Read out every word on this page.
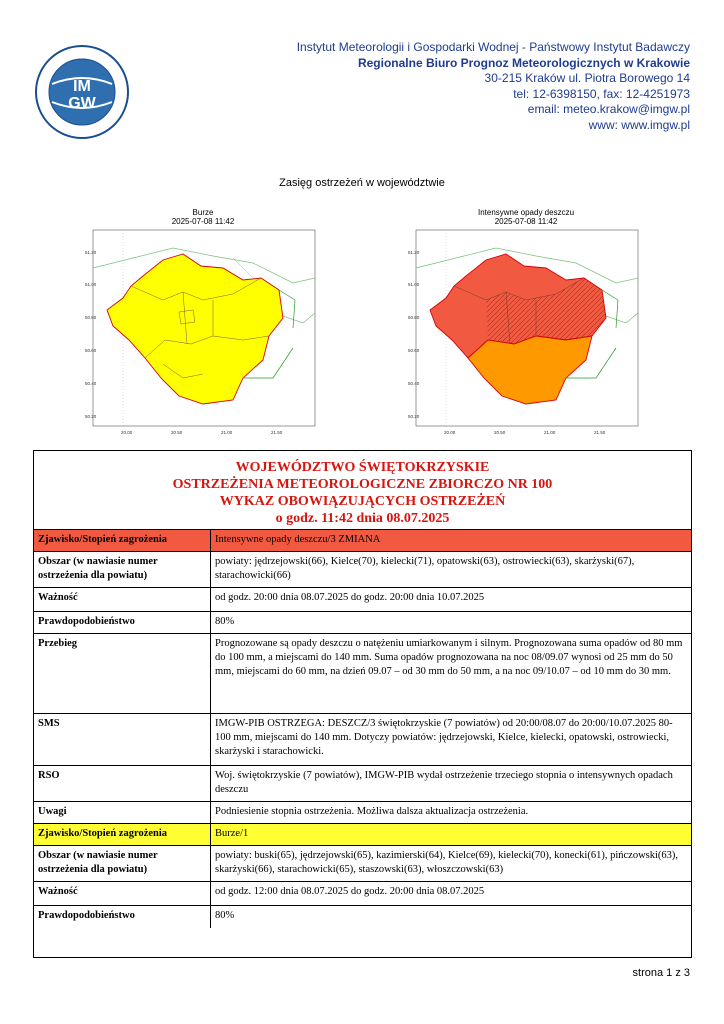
IM
GW
Instytut Meteorologii i Gospodarki Wodnej - Państwowy Instytut Badawczy
Regionalne Biuro Prognoz Meteorologicznych w Krakowie
30-215 Kraków ul. Piotra Borowego 14
tel: 12-6398150, fax: 12-4251973
email: meteo.krakow@imgw.pl
www: www.imgw.pl
Zasięg ostrzeżeń w województwie
Burze
2025-07-08 11:42
51.20
51.00
50.80
50.60
50.40
50.20
20.00	20.50	21.00	21.50
Intensywne opady deszczu
2025-07-08 11:42
51.20
51.00
50.80
50.60
50.40
50.20
20.00	20.50	21.00	21.50
WOJEWÓDZTWO ŚWIĘTOKRZYSKIE
OSTRZEŻENIA METEOROLOGICZNE ZBIORCZO NR 100
WYKAZ OBOWIĄZUJĄCYCH OSTRZEŻEŃ
o godz. 11:42 dnia 08.07.2025
Zjawisko/Stopień zagrożenia	Intensywne opady deszczu/3 ZMIANA
Obszar (w nawiasie numer ostrzeżenia dla powiatu)	powiaty: jędrzejowski(66), Kielce(70), kielecki(71), opatowski(63), ostrowiecki(63), skarżyski(67), starachowicki(66)
Ważność	od godz. 20:00 dnia 08.07.2025 do godz. 20:00 dnia 10.07.2025
Prawdopodobieństwo	80%
Przebieg	Prognozowane są opady deszczu o natężeniu umiarkowanym i silnym. Prognozowana suma opadów od 80 mm do 100 mm, a miejscami do 140 mm. Suma opadów prognozowana na noc 08/09.07 wynosi od 25 mm do 50 mm, miejscami do 60 mm, na dzień 09.07 – od 30 mm do 50 mm, a na noc 09/10.07 – od 10 mm do 30 mm.
SMS	IMGW-PIB OSTRZEGA: DESZCZ/3 świętokrzyskie (7 powiatów) od 20:00/08.07 do 20:00/10.07.2025 80-100 mm, miejscami do 140 mm. Dotyczy powiatów: jędrzejowski, Kielce, kielecki, opatowski, ostrowiecki, skarżyski i starachowicki.
RSO	Woj. świętokrzyskie (7 powiatów), IMGW-PIB wydał ostrzeżenie trzeciego stopnia o intensywnych opadach deszczu
Uwagi	Podniesienie stopnia ostrzeżenia. Możliwa dalsza aktualizacja ostrzeżenia.
Zjawisko/Stopień zagrożenia	Burze/1
Obszar (w nawiasie numer ostrzeżenia dla powiatu)	powiaty: buski(65), jędrzejowski(65), kazimierski(64), Kielce(69), kielecki(70), konecki(61), pińczowski(63), skarżyski(66), starachowicki(65), staszowski(63), włoszczowski(63)
Ważność	od godz. 12:00 dnia 08.07.2025 do godz. 20:00 dnia 08.07.2025
Prawdopodobieństwo	80%
strona 1 z 3
